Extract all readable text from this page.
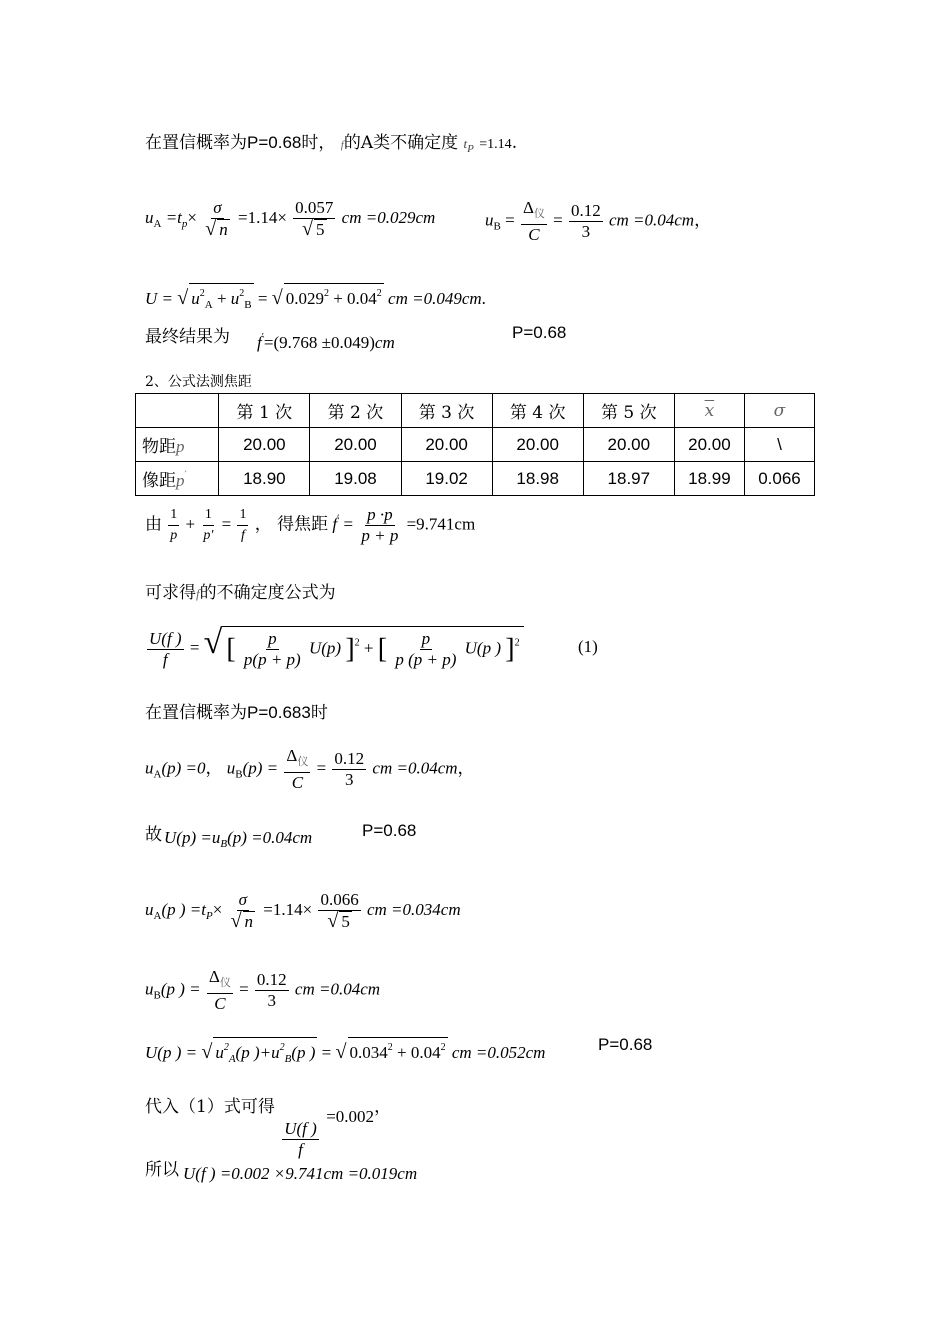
在置信概率为P=0.68时， f的A类不确定度 $t_P =1.14$.
$u_A =t_p\times \frac{\sigma}{√ n} =1.14\times \frac{0.057}{√ 5}$ cm =0.029cm	$u_B = \frac{\Delta_仪}{C} = \frac{0.12}{3}$ cm =0.04cm，
U = √ $u^2_A + u^2_B$ = √ $0.029^2 + 0.04^2$ cm =0.049cm.
最终结果为 f′=(9.768 ±0.049)cm
P=0.68
2、公式法测焦距
	第 1 次	第 2 次	第 3 次	第 4 次	第 5 次	$\overline{x}$	σ
物距p	20.00	20.00	20.00	20.00	20.00	20.00	\
像距p′	18.90	19.08	19.02	18.98	18.97	18.99	0.066
由 $\frac{1}{p} + \frac{1}{p'} = \frac{1}{f}$ ， 得焦距 $f' = \frac{p \cdot p}{p + p} =9.741cm$
可求得f的不确定度公式为
$\frac{U(f )}{f}$ = √ [ $\frac{p}{p(p + p)} U(p) ]^2$ + [ $\frac{p}{p (p + p)} U(p$ ) ]$^2$	(1)
在置信概率为P=0.683时
$u_A(p) =0$， $u_B(p) = \frac{\Delta_仪}{C} = \frac{0.12}{3}$ cm =0.04cm，
故 $U(p) =u_B(p) =0.04cm$	P=0.68
$u_A(p$ ) $=t_P\times \frac{\sigma}{√ n} =1.14\times \frac{0.066}{√ 5}$ cm =0.034cm
$u_B(p$ ) = $\frac{\Delta_仪}{C} = \frac{0.12}{3}$ cm =0.04cm
U(p ) = √ $u^2_A(p$ )$+u^2_B(p$ ) = √ $0.034^2 + 0.04^2$ cm =0.052cm	P=0.68
代入（1）式可得
$\frac{U(f )}{f}$
=0.002，
所以 U(f ) =0.002 ×9.741cm =0.019cm
